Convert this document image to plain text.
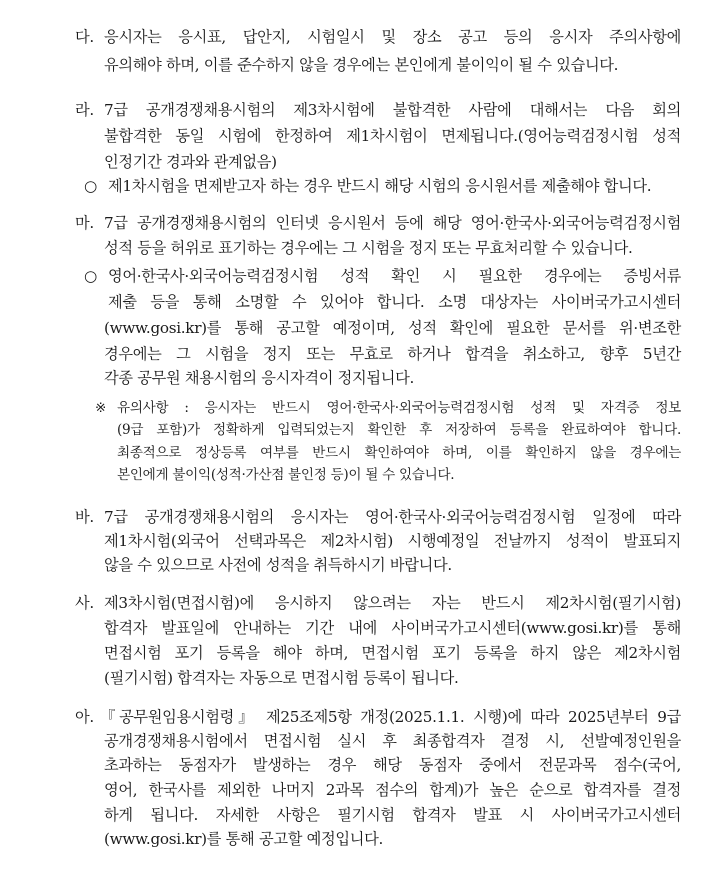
다. 응시자는 응시표, 답안지, 시험일시 및 장소 공고 등의 응시자 주의사항에
유의해야 하며, 이를 준수하지 않을 경우에는 본인에게 불이익이 될 수 있습니다.
라. 7급 공개경쟁채용시험의 제3차시험에 불합격한 사람에 대해서는 다음 회의
불합격한 동일 시험에 한정하여 제1차시험이 면제됩니다.(영어능력검정시험 성적
인정기간 경과와 관계없음)
○ 제1차시험을 면제받고자 하는 경우 반드시 해당 시험의 응시원서를 제출해야 합니다.
마. 7급 공개경쟁채용시험의 인터넷 응시원서 등에 해당 영어·한국사·외국어능력검정시험
성적 등을 허위로 표기하는 경우에는 그 시험을 정지 또는 무효처리할 수 있습니다.
○ 영어·한국사·외국어능력검정시험 성적 확인 시 필요한 경우에는 증빙서류
제출 등을 통해 소명할 수 있어야 합니다. 소명 대상자는 사이버국가고시센터
(www.gosi.kr)를 통해 공고할 예정이며, 성적 확인에 필요한 문서를 위·변조한
경우에는 그 시험을 정지 또는 무효로 하거나 합격을 취소하고, 향후 5년간
각종 공무원 채용시험의 응시자격이 정지됩니다.
※ 유의사항 : 응시자는 반드시 영어·한국사·외국어능력검정시험 성적 및 자격증 정보
(9급 포함)가 정확하게 입력되었는지 확인한 후 저장하여 등록을 완료하여야 합니다.
최종적으로 정상등록 여부를 반드시 확인하여야 하며, 이를 확인하지 않을 경우에는
본인에게 불이익(성적·가산점 불인정 등)이 될 수 있습니다.
바. 7급 공개경쟁채용시험의 응시자는 영어·한국사·외국어능력검정시험 일정에 따라
제1차시험(외국어 선택과목은 제2차시험) 시행예정일 전날까지 성적이 발표되지
않을 수 있으므로 사전에 성적을 취득하시기 바랍니다.
사. 제3차시험(면접시험)에 응시하지 않으려는 자는 반드시 제2차시험(필기시험)
합격자 발표일에 안내하는 기간 내에 사이버국가고시센터(www.gosi.kr)를 통해
면접시험 포기 등록을 해야 하며, 면접시험 포기 등록을 하지 않은 제2차시험
(필기시험) 합격자는 자동으로 면접시험 등록이 됩니다.
아. 『공무원임용시험령』 제25조제5항 개정(2025.1.1. 시행)에 따라 2025년부터 9급
공개경쟁채용시험에서 면접시험 실시 후 최종합격자 결정 시, 선발예정인원을
초과하는 동점자가 발생하는 경우 해당 동점자 중에서 전문과목 점수(국어,
영어, 한국사를 제외한 나머지 2과목 점수의 합계)가 높은 순으로 합격자를 결정
하게 됩니다. 자세한 사항은 필기시험 합격자 발표 시 사이버국가고시센터
(www.gosi.kr)를 통해 공고할 예정입니다.
